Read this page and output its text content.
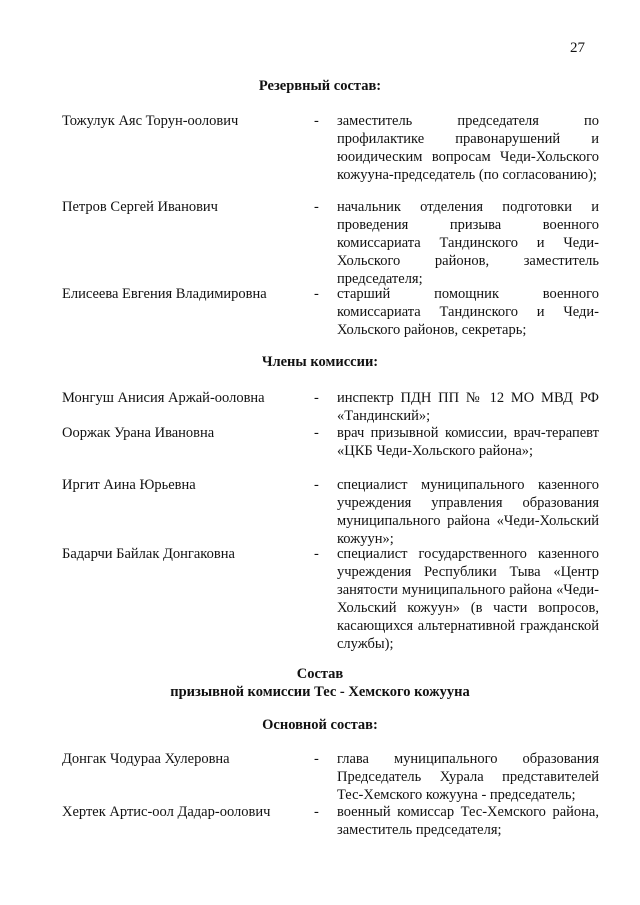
27
Резервный состав:
Тожулук Аяс Торун-оолович	- заместитель председателя по профилактике правонарушений и юоидическим вопросам Чеди-Хольского кожууна-председатель (по согласованию);
Петров Сергей Иванович	- начальник отделения подготовки и проведения призыва военного комиссариата Тандинского и Чеди-Хольского районов, заместитель председателя;
Елисеева Евгения Владимировна	- старший помощник военного комиссариата Тандинского и Чеди-Хольского районов, секретарь;
Члены комиссии:
Монгуш Анисия Аржай-ооловна	- инспектр ПДН ПП № 12 МО МВД РФ «Тандинский»;
Ооржак Урана Ивановна	- врач призывной комиссии, врач-терапевт «ЦКБ Чеди-Хольского района»;
Иргит Аина Юрьевна	- специалист муниципального казенного учреждения управления образования муниципального района «Чеди-Хольский кожуун»;
Бадарчи Байлак Донгаковна	- специалист государственного казенного учреждения Республики Тыва «Центр занятости муниципального района «Чеди-Хольский кожуун» (в части вопросов, касающихся альтернативной гражданской службы);
Состав
призывной комиссии Тес - Хемского кожууна
Основной состав:
Донгак Чодураа Хулеровна	- глава муниципального образования Председатель Хурала представителей Тес-Хемского кожууна - председатель;
Хертек Артис-оол Дадар-оолович	- военный комиссар Тес-Хемского района, заместитель председателя;
